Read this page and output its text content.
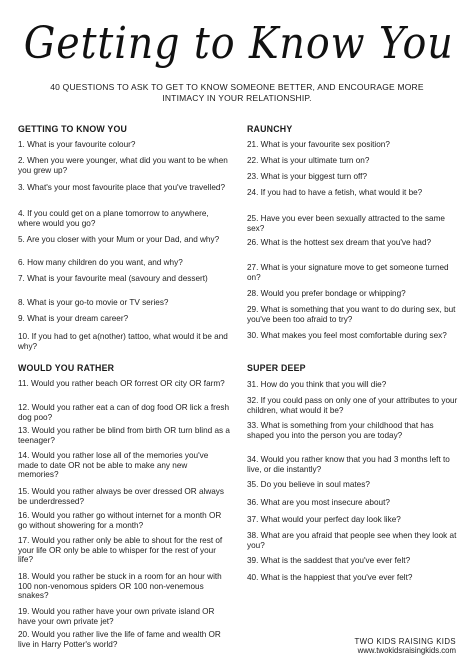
Getting to Know You
40 QUESTIONS TO ASK TO GET TO KNOW SOMEONE BETTER, AND ENCOURAGE MORE INTIMACY IN YOUR RELATIONSHIP.
GETTING TO KNOW YOU
1. What is your favourite colour?
2. When you were younger, what did you want to be when you grew up?
3. What's your most favourite place that you've travelled?
4. If you could get on a plane tomorrow to anywhere, where would you go?
5. Are you closer with your Mum or your Dad, and why?
6. How many children do you want, and why?
7. What is your favourite meal (savoury and dessert)
8. What is your go-to movie or TV series?
9. What is your dream career?
10. If you had to get a(nother) tattoo, what would it be and why?
WOULD YOU RATHER
11. Would you rather beach OR forrest OR city OR farm?
12. Would you rather eat a can of dog food OR lick a fresh dog poo?
13. Would you rather be blind from birth OR turn blind as a teenager?
14. Would you rather lose all of the memories you've made to date OR not be able to make any new memories?
15. Would you rather always be over dressed OR always be underdressed?
16. Would you rather go without internet for a month OR go without showering for a month?
17. Would you rather only be able to shout for the rest of your life OR only be able to whisper for the rest of your life?
18. Would you rather be stuck in a room for an hour with 100 non-venomous spiders OR 100 non-venemous snakes?
19. Would you rather have your own private island OR have your own private jet?
20. Would you rather live the life of fame and wealth OR live in Harry Potter's world?
RAUNCHY
21. What is your favourite sex position?
22. What is your ultimate turn on?
23. What is your biggest turn off?
24. If you had to have a fetish, what would it be?
25. Have you ever been sexually attracted to the same sex?
26. What is the hottest sex dream that you've had?
27. What is your signature move to get someone turned on?
28. Would you prefer bondage or whipping?
29. What is something that you want to do during sex, but you've been too afraid to try?
30. What makes you feel most comfortable during sex?
SUPER DEEP
31. How do you think that you will die?
32. If you could pass on only one of your attributes to your children, what would it be?
33. What is something from your childhood that has shaped you into the person you are today?
34. Would you rather know that you had 3 months left to live, or die instantly?
35. Do you believe in soul mates?
36. What are you most insecure about?
37. What would your perfect day look like?
38. What are you afraid that people see when they look at you?
39. What is the saddest that you've ever felt?
40. What is the happiest that you've ever felt?
TWO KIDS RAISING KIDS
www.twokidsraisingkids.com
